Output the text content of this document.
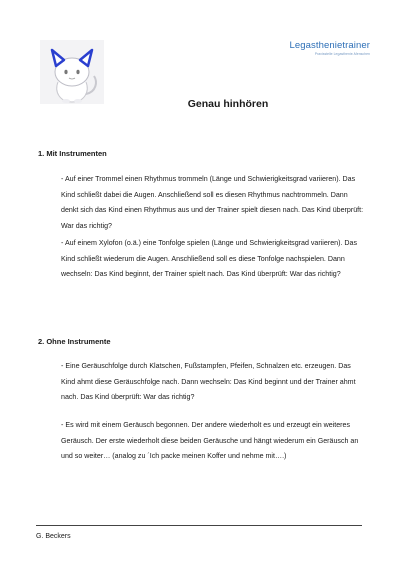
Legasthenietrainer
Praxisstelle Legasthenie-Menschen
Genau hinhören
1. Mit Instrumenten
- Auf einer Trommel einen Rhythmus trommeln (Länge und Schwierigkeitsgrad variieren). Das Kind schließt dabei die Augen. Anschließend soll es diesen Rhythmus nachtrommeln. Dann denkt sich das Kind einen Rhythmus aus und der Trainer spielt diesen nach. Das Kind überprüft: War das richtig?
- Auf einem Xylofon (o.ä.) eine Tonfolge spielen (Länge und Schwierigkeitsgrad variieren). Das Kind schließt wiederum die Augen. Anschließend soll es diese Tonfolge nachspielen. Dann wechseln: Das Kind beginnt, der Trainer spielt nach. Das Kind überprüft: War das richtig?
2. Ohne Instrumente
- Eine Geräuschfolge durch Klatschen, Fußstampfen, Pfeifen, Schnalzen etc. erzeugen. Das Kind ahmt diese Geräuschfolge nach. Dann wechseln: Das Kind beginnt und der Trainer ahmt nach. Das Kind überprüft: War das richtig?
- Es wird mit einem Geräusch begonnen. Der andere wiederholt es und erzeugt ein weiteres Geräusch. Der erste wiederholt diese beiden Geräusche und hängt wiederum ein Geräusch an und so weiter… (analog zu ´Ich packe meinen Koffer und nehme mit….)
G. Beckers
